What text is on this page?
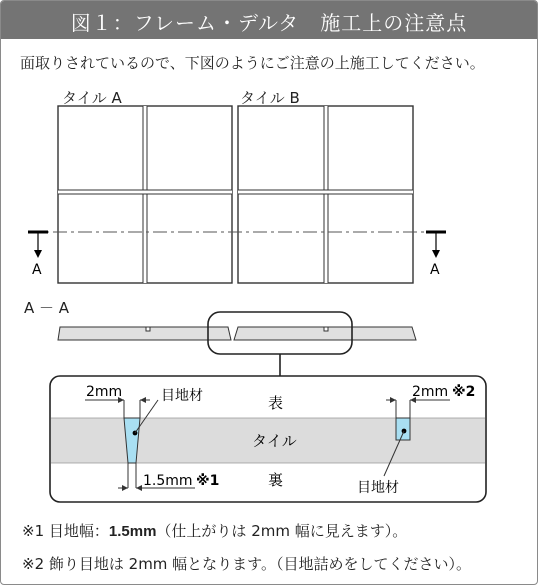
図１：フレーム・デルタ　施工上の注意点
面取りされているので、下図のようにご注意の上施工してください。
タイル A	タイル B
A － A
A	A
表
タイル
裏
2mm	目地材	2mm ※2
目地材
1.5mm ※1
※1 目地幅：1.5mm（仕上がりは 2mm 幅に見えます）。
※2 飾り目地は 2mm 幅となります。（目地詰めをしてください）。
